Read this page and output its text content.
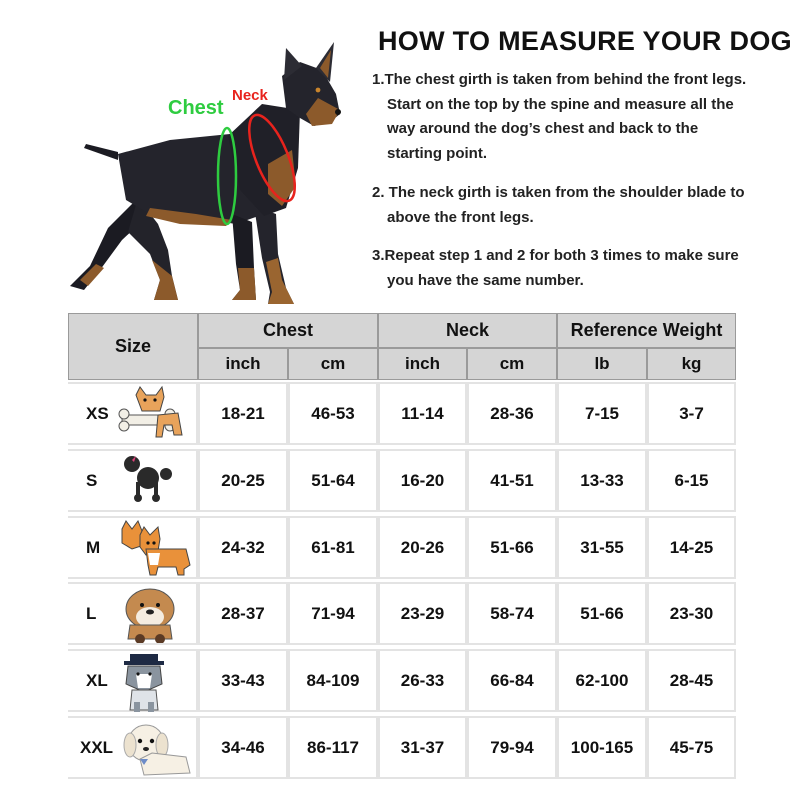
Chest
Neck
HOW TO MEASURE YOUR DOG
1.The chest girth is taken from behind the front legs.
Start on the top by the spine and measure all the
way around the dog’s chest and back to the
starting point.
2. The neck girth is taken from the shoulder blade to
above the front legs.
3.Repeat step 1 and 2 for both 3 times to make sure
you have the same number.
Size
Chest	Neck	Reference Weight
inch	cm	inch	cm	lb	kg
XS	18-21	46-53	11-14	28-36	7-15	3-7
S	20-25	51-64	16-20	41-51	13-33	6-15
M	24-32	61-81	20-26	51-66	31-55	14-25
L	28-37	71-94	23-29	58-74	51-66	23-30
XL	33-43	84-109	26-33	66-84	62-100	28-45
XXL	34-46	86-117	31-37	79-94	100-165	45-75
